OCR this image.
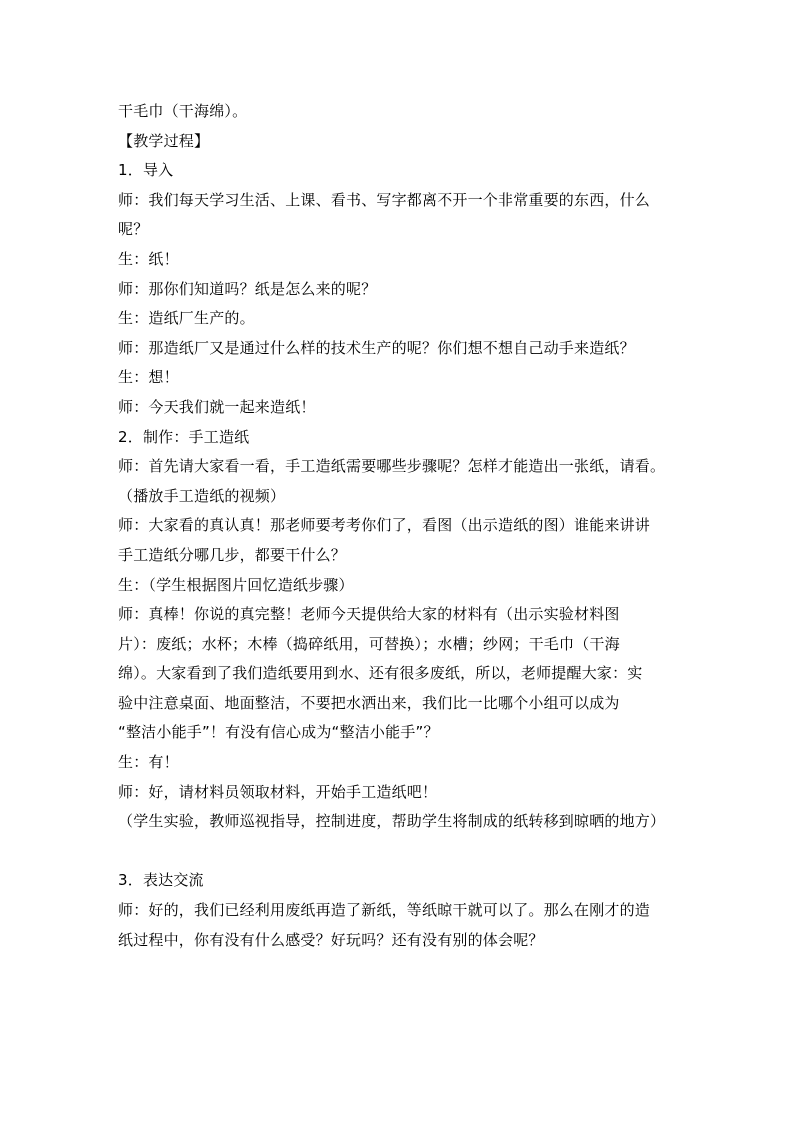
干毛巾（干海绵）。
【教学过程】
1．导入
师：我们每天学习生活、上课、看书、写字都离不开一个非常重要的东西，什么
呢？
生：纸！
师：那你们知道吗？纸是怎么来的呢？
生：造纸厂生产的。
师：那造纸厂又是通过什么样的技术生产的呢？你们想不想自己动手来造纸？
生：想！
师：今天我们就一起来造纸！
2．制作：手工造纸
师：首先请大家看一看，手工造纸需要哪些步骤呢？怎样才能造出一张纸，请看。
（播放手工造纸的视频）
师：大家看的真认真！那老师要考考你们了，看图（出示造纸的图）谁能来讲讲
手工造纸分哪几步，都要干什么？
生：（学生根据图片回忆造纸步骤）
师：真棒！你说的真完整！老师今天提供给大家的材料有（出示实验材料图
片）：废纸；水杯；木棒（捣碎纸用，可替换）；水槽；纱网；干毛巾（干海
绵）。大家看到了我们造纸要用到水、还有很多废纸，所以，老师提醒大家：实
验中注意桌面、地面整洁，不要把水洒出来，我们比一比哪个小组可以成为
“整洁小能手”！有没有信心成为“整洁小能手”？
生：有！
师：好，请材料员领取材料，开始手工造纸吧！
（学生实验，教师巡视指导，控制进度，帮助学生将制成的纸转移到晾晒的地方）
3．表达交流
师：好的，我们已经利用废纸再造了新纸，等纸晾干就可以了。那么在刚才的造
纸过程中，你有没有什么感受？好玩吗？还有没有别的体会呢？
